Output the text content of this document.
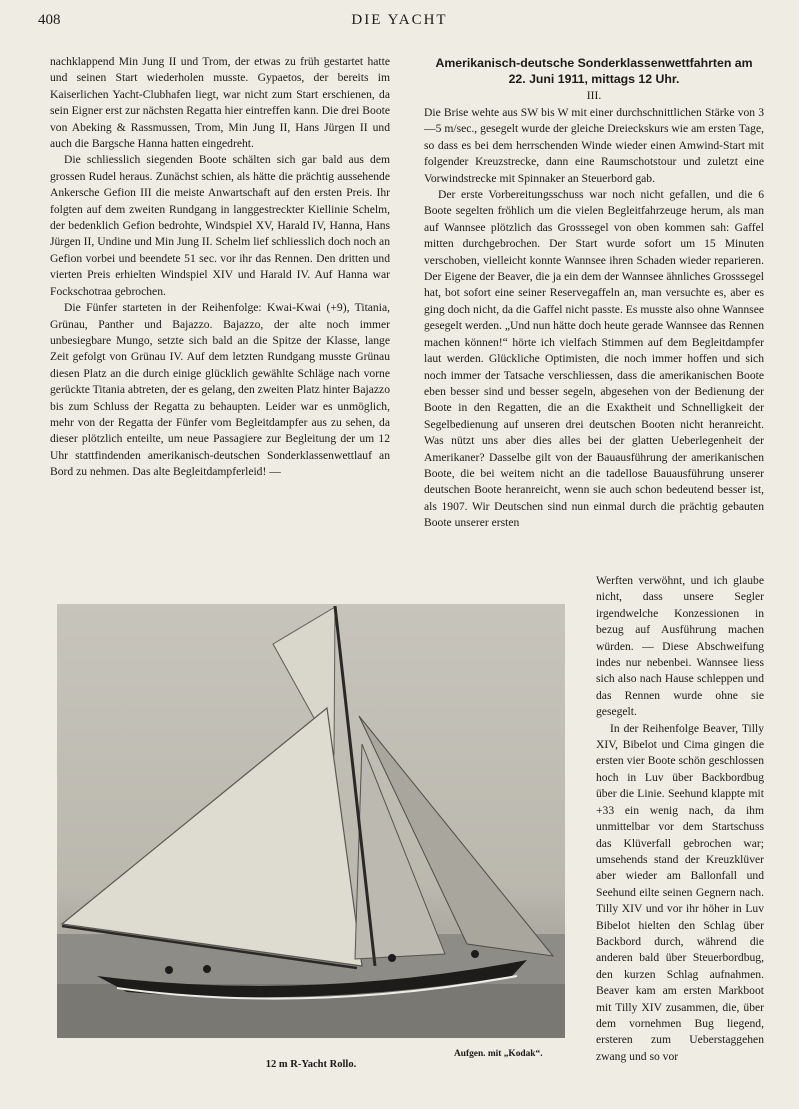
408	DIE YACHT

nachklappend Min Jung II und Trom, der etwas zu früh gestartet hatte und seinen Start wiederholen musste. Gypaetos, der bereits im Kaiserlichen Yacht-Clubhafen liegt, war nicht zum Start erschienen, da sein Eigner erst zur nächsten Regatta hier eintreffen kann. Die drei Boote von Abeking & Rassmussen, Trom, Min Jung II, Hans Jürgen II und auch die Bargsche Hanna hatten eingedreht.

Die schliesslich siegenden Boote schälten sich gar bald aus dem grossen Rudel heraus. Zunächst schien, als hätte die prächtig aussehende Ankersche Gefion III die meiste Anwartschaft auf den ersten Preis. Ihr folgten auf dem zweiten Rundgang in langgestreckter Kiellinie Schelm, der bedenklich Gefion bedrohte, Windspiel XV, Harald IV, Hanna, Hans Jürgen II, Undine und Min Jung II. Schelm lief schliesslich doch noch an Gefion vorbei und beendete 51 sec. vor ihr das Rennen. Den dritten und vierten Preis erhielten Windspiel XIV und Harald IV. Auf Hanna war Fockschotraa gebrochen.

Die Fünfer starteten in der Reihenfolge: Kwai-Kwai (+9), Titania, Grünau, Panther und Bajazzo. Bajazzo, der alte noch immer unbesiegbare Mungo, setzte sich bald an die Spitze der Klasse, lange Zeit gefolgt von Grünau IV. Auf dem letzten Rundgang musste Grünau diesen Platz an die durch einige glücklich gewählte Schläge nach vorne gerückte Titania abtreten, der es gelang, den zweiten Platz hinter Bajazzo bis zum Schluss der Regatta zu behaupten. Leider war es unmöglich, mehr von der Regatta der Fünfer vom Begleitdampfer aus zu sehen, da dieser plötzlich enteilte, um neue Passagiere zur Begleitung der um 12 Uhr stattfindenden amerikanisch-deutschen Sonderklassenwettlauf an Bord zu nehmen. Das alte Begleitdampferleid! —

Amerikanisch-deutsche Sonderklassenwettfahrten am
22. Juni 1911, mittags 12 Uhr.
III.

Die Brise wehte aus SW bis W mit einer durchschnittlichen Stärke von 3—5 m/sec., gesegelt wurde der gleiche Dreieckskurs wie am ersten Tage, so dass es bei dem herrschenden Winde wieder einen Amwind-Start mit folgender Kreuzstrecke, dann eine Raumschotstour und zuletzt eine Vorwindstrecke mit Spinnaker an Steuerbord gab.

Der erste Vorbereitungsschuss war noch nicht gefallen, und die 6 Boote segelten fröhlich um die vielen Begleitfahrzeuge herum, als man auf Wannsee plötzlich das Grosssegel von oben kommen sah: Gaffel mitten durchgebrochen. Der Start wurde sofort um 15 Minuten verschoben, vielleicht konnte Wannsee ihren Schaden wieder reparieren. Der Eigene der Beaver, die ja ein dem der Wannsee ähnliches Grosssegel hat, bot sofort eine seiner Reservegaffeln an, man versuchte es, aber es ging doch nicht, da die Gaffel nicht passte. Es musste also ohne Wannsee gesegelt werden. „Und nun hätte doch heute gerade Wannsee das Rennen machen können!“ hörte ich vielfach Stimmen auf dem Begleitdampfer laut werden. Glückliche Optimisten, die noch immer hoffen und sich noch immer der Tatsache verschliessen, dass die amerikanischen Boote eben besser sind und besser segeln, abgesehen von der Bedienung der Boote in den Regatten, die an die Exaktheit und Schnelligkeit der Segelbedienung auf unseren drei deutschen Booten nicht heranreicht. Was nützt uns aber dies alles bei der glatten Ueberlegenheit der Amerikaner? Dasselbe gilt von der Bauausführung der amerikanischen Boote, die bei weitem nicht an die tadellose Bauausführung unserer deutschen Boote heranreicht, wenn sie auch schon bedeutend besser ist, als 1907. Wir Deutschen sind nun einmal durch die prächtig gebauten Boote unserer ersten

Werften verwöhnt, und ich glaube nicht, dass unsere Segler irgendwelche Konzessionen in bezug auf Ausführung machen würden. — Diese Abschweifung indes nur nebenbei. Wannsee liess sich also nach Hause schleppen und das Rennen wurde ohne sie gesegelt.

In der Reihenfolge Beaver, Tilly XIV, Bibelot und Cima gingen die ersten vier Boote schön geschlossen hoch in Luv über Backbordbug über die Linie. Seehund klappte mit +33 ein wenig nach, da ihm unmittelbar vor dem Startschuss das Klüverfall gebrochen war; umsehends stand der Kreuzklüver aber wieder am Ballonfall und Seehund eilte seinen Gegnern nach. Tilly XIV und vor ihr höher in Luv Bibelot hielten den Schlag über Backbord durch, während die anderen bald über Steuerbordbug, den kurzen Schlag aufnahmen. Beaver kam am ersten Markboot mit Tilly XIV zusammen, die, über dem vornehmen Bug liegend, ersteren zum Ueberstaggehen zwang und so vor

Aufgen. mit „Kodak“.
12 m R-Yacht Rollo.
